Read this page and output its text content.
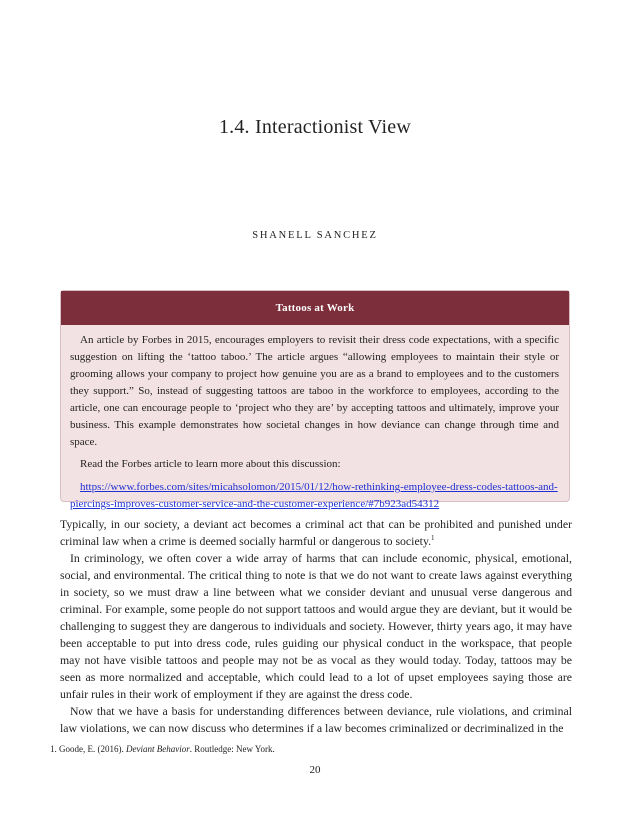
1.4. Interactionist View
SHANELL SANCHEZ
Tattoos at Work

An article by Forbes in 2015, encourages employers to revisit their dress code expectations, with a specific suggestion on lifting the ‘tattoo taboo.’ The article argues “allowing employees to maintain their style or grooming allows your company to project how genuine you are as a brand to employees and to the customers they support.” So, instead of suggesting tattoos are taboo in the workforce to employees, according to the article, one can encourage people to ‘project who they are’ by accepting tattoos and ultimately, improve your business. This example demonstrates how societal changes in how deviance can change through time and space.

Read the Forbes article to learn more about this discussion:

https://www.forbes.com/sites/micahsolomon/2015/01/12/how-rethinking-employee-dress-codes-tattoos-and-piercings-improves-customer-service-and-the-customer-experience/#7b923ad54312

Typically, in our society, a deviant act becomes a criminal act that can be prohibited and punished under criminal law when a crime is deemed socially harmful or dangerous to society.$^1$

In criminology, we often cover a wide array of harms that can include economic, physical, emotional, social, and environmental. The critical thing to note is that we do not want to create laws against everything in society, so we must draw a line between what we consider deviant and unusual verse dangerous and criminal. For example, some people do not support tattoos and would argue they are deviant, but it would be challenging to suggest they are dangerous to individuals and society. However, thirty years ago, it may have been acceptable to put into dress code, rules guiding our physical conduct in the workspace, that people may not have visible tattoos and people may not be as vocal as they would today. Today, tattoos may be seen as more normalized and acceptable, which could lead to a lot of upset employees saying those are unfair rules in their work of employment if they are against the dress code.

Now that we have a basis for understanding differences between deviance, rule violations, and criminal law violations, we can now discuss who determines if a law becomes criminalized or decriminalized in the

1. Goode, E. (2016). Deviant Behavior. Routledge: New York.
20
